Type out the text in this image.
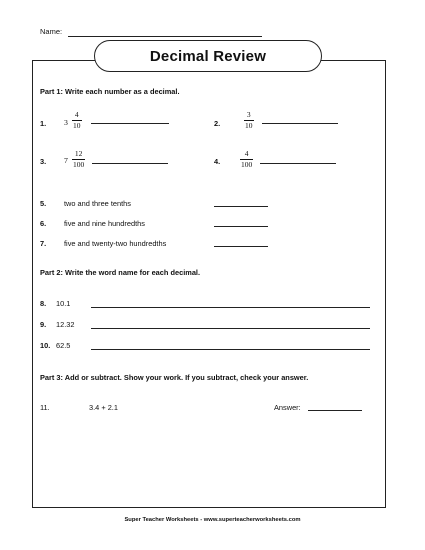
Name:
Decimal Review
Part 1: Write each number as a decimal.
1. 3
4
10	2.
3
10
3. 7
12
100	4.
4
100
5. two and three tenths
6. five and nine hundredths
7. five and twenty-two hundredths
Part 2: Write the word name for each decimal.
8. 10.1
9. 12.32
10. 62.5
Part 3: Add or subtract. Show your work. If you subtract, check your answer.
11.	3.4 + 2.1	Answer:
Super Teacher Worksheets - www.superteacherworksheets.com
